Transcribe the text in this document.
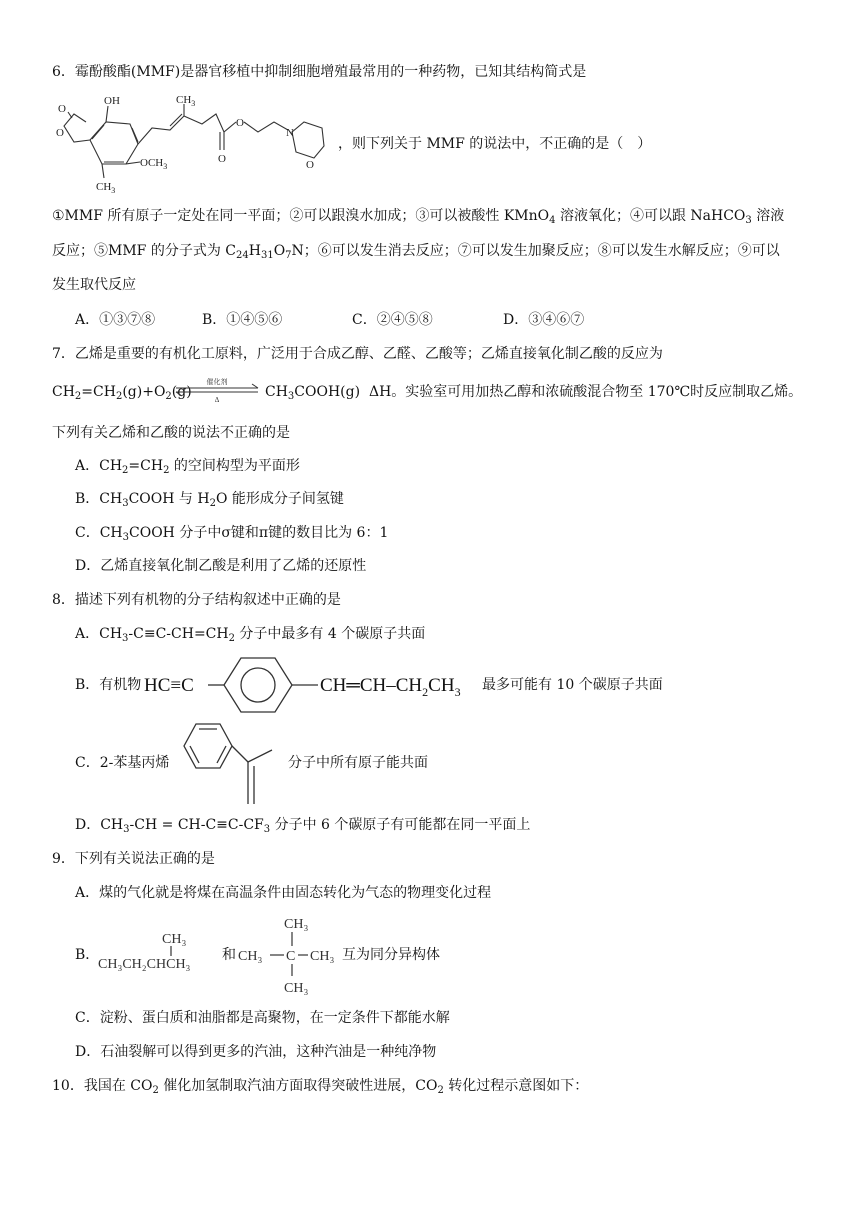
6．霉酚酸酯(MMF)是器官移植中抑制细胞增殖最常用的一种药物，已知其结构简式是
OH	$CH_3$
$OCH_3$
$CH_3$
O
O
O
O	O
N
，则下列关于 MMF 的说法中，不正确的是（　）
①MMF 所有原子一定处在同一平面；②可以跟溴水加成；③可以被酸性 KMnO$_4$ 溶液氧化；④可以跟 NaHCO$_3$ 溶液
反应；⑤MMF 的分子式为 $C_{24}H_{31}O_7N$；⑥可以发生消去反应；⑦可以发生加聚反应；⑧可以发生水解反应；⑨可以
发生取代反应
A．①③⑦⑧	B．①④⑤⑥	C．②④⑤⑧	D．③④⑥⑦
7．乙烯是重要的有机化工原料，广泛用于合成乙醇、乙醛、乙酸等；乙烯直接氧化制乙酸的反应为
$CH_2=CH_2(g)+O_2(g)$
催化剂
Δ	$CH_3COOH(g)$ ΔH。实验室可用加热乙醇和浓硫酸混合物至 170℃时反应制取乙烯。
下列有关乙烯和乙酸的说法不正确的是
A．$CH_2=CH_2$ 的空间构型为平面形
B．$CH_3COOH$ 与 $H_2O$ 能形成分子间氢键
C．$CH_3COOH$ 分子中σ键和π键的数目比为 6：1
D．乙烯直接氧化制乙酸是利用了乙烯的还原性
8．描述下列有机物的分子结构叙述中正确的是
A．$CH_3-C\equiv C-CH=CH_2$ 分子中最多有 4 个碳原子共面
B．有机物 HC≡C	$CH═CH-CH_2CH_3$ 最多可能有 10 个碳原子共面
C．2-苯基丙烯	分子中所有原子能共面
D．$CH_3-CH = CH-C\equiv C-CF_3$ 分子中 6 个碳原子有可能都在同一平面上
9．下列有关说法正确的是
A．煤的气化就是将煤在高温条件由固态转化为气态的物理变化过程
B．
CH₃
CH₃CH₂CHCH₃
和
CH₃
CH₃ C CH₃
CH₃
互为同分异构体
C．淀粉、蛋白质和油脂都是高聚物，在一定条件下都能水解
D．石油裂解可以得到更多的汽油，这种汽油是一种纯净物
10．我国在 $CO_2$ 催化加氢制取汽油方面取得突破性进展，$CO_2$ 转化过程示意图如下：
